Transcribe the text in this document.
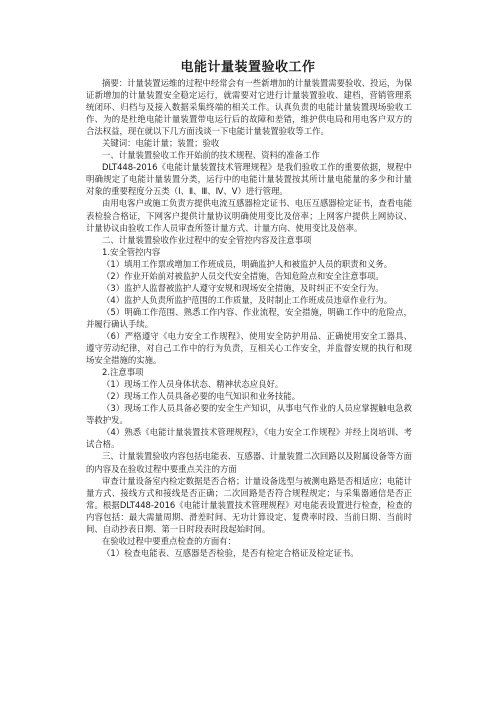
电能计量装置验收工作

摘要：计量装置运维的过程中经常会有一些新增加的计量装置需要验收、投运，为保证新增加的计量装置安全稳定运行，就需要对它进行计量装置验收、建档，营销管理系统闭环、归档与及接入数据采集终端的相关工作。认真负责的电能计量装置现场验收工作、为的是杜绝电能计量装置带电运行后的故障和差错，维护供电局和用电客户双方的合法权益，现在就以下几方面浅谈一下电能计量装置验收等工作。

关键词：电能计量；装置；验收

一、计量装置验收工作开始前的技术规程、资料的准备工作

DLT448-2016《电能计量装置技术管理规程》是我们验收工作的重要依据，规程中明确规定了电能计量装置分类，运行中的电能计量装置按其所计量电能量的多少和计量对象的重要程度分五类（Ⅰ、Ⅱ、Ⅲ、Ⅳ、Ⅴ）进行管理。

由用电客户或施工负责方提供电流互感器检定证书、电压互感器检定证书，查看电能表检验合格证，下网客户提供计量协议明确使用变比及倍率；上网客户提供上网协议、计量协议由验收工作人员审查所签计量方式、计量方向、使用变比及倍率。

二、计量装置验收作业过程中的安全管控内容及注意事项

1.安全管控内容

（1）填用工作票或增加工作班成员，明确监护人和被监护人员的职责和义务。

（2）作业开始前对被监护人员交代安全措施，告知危险点和安全注意事项。

（3）监护人监督被监护人遵守安规和现场安全措施，及时纠正不安全行为。

（4）监护人负责所监护范围的工作质量，及时制止工作班成员违章作业行为。

（5）明确工作范围、熟悉工作内容、作业流程，安全措施，明确工作中的危险点，并履行确认手续。

（6）严格遵守《电力安全工作规程》、使用安全防护用品、正确使用安全工器具、遵守劳动纪律，对自己工作中的行为负责，互相关心工作安全，并监督安规的执行和现场安全措施的实施。

2.注意事项

（1）现场工作人员身体状态、精神状态应良好。

（2）现场工作人员具备必要的电气知识和业务技能。

（3）现场工作人员具备必要的安全生产知识，从事电气作业的人员应掌握触电急救等救护发。

（4）熟悉《电能计量装置技术管理规程》，《电力安全工作规程》并经上岗培训、考试合格。

三、计量装置验收内容包括电能表、互感器、计量装置二次回路以及附属设备等方面的内容及在验收过程中要重点关注的方面

审查计量设备室内检定数据是否合格；计量设备选型与被测电路是否相适应；电能计量方式、接线方式和接线是否正确；二次回路是否符合规程规定；与采集器通信是否正常。根据DLT448-2016《电能计量装置技术管理规程》对电能表设置进行检查，检查的内容包括：最大需量周期、滑差时间、无功计算设定、复费率时段、当前日期、当前时间、自动抄表日期、第一日时段表时段起始时间。

在验收过程中要重点检查的方面有：

（1）检查电能表、互感器是否检验，是否有检定合格证及检定证书。
